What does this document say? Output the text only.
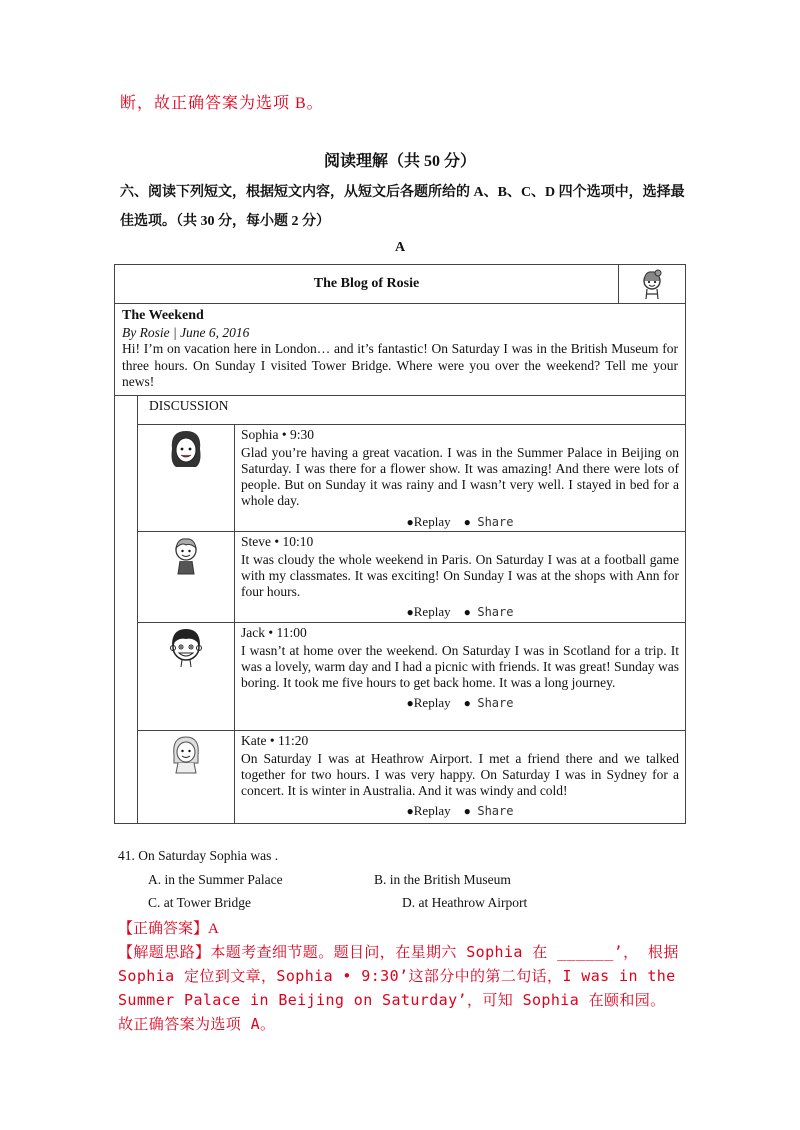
断，故正确答案为选项 B。
阅读理解（共 50 分）
六、阅读下列短文，根据短文内容，从短文后各题所给的 A、B、C、D 四个选项中，选择最佳选项。（共 30 分，每小题 2 分）
A
The Blog of Rosie
The Weekend
By Rosie | June 6, 2016
Hi! I’m on vacation here in London… and it’s fantastic! On Saturday I was in the British Museum for three hours. On Sunday I visited Tower Bridge. Where were you over the weekend? Tell me your news!
DISCUSSION
Sophia • 9:30
Glad you’re having a great vacation. I was in the Summer Palace in Beijing on Saturday. I was there for a flower show. It was amazing! And there were lots of people. But on Sunday it was rainy and I wasn’t very well. I stayed in bed for a whole day.
●Replay ● Share
Steve • 10:10
It was cloudy the whole weekend in Paris. On Saturday I was at a football game with my classmates. It was exciting! On Sunday I was at the shops with Ann for four hours.
●Replay ● Share
Jack • 11:00
I wasn’t at home over the weekend. On Saturday I was in Scotland for a trip. It was a lovely, warm day and I had a picnic with friends. It was great! Sunday was boring. It took me five hours to get back home. It was a long journey.
●Replay ● Share
Kate • 11:20
On Saturday I was at Heathrow Airport. I met a friend there and we talked together for two hours. I was very happy. On Saturday I was in Sydney for a concert. It is winter in Australia. And it was windy and cold!
●Replay ● Share
41. On Saturday Sophia was .
A. in the Summer Palace	B. in the British Museum
C. at Tower Bridge	D. at Heathrow Airport
【正确答案】A
【解题思路】本题考查细节题。题目问，在星期六 Sophia 在 ______’， 根据 Sophia 定位到文章，Sophia • 9:30’这部分中的第二句话，I was in the Summer Palace in Beijing on Saturday’，可知 Sophia 在颐和园。 故正确答案为选项 A。
